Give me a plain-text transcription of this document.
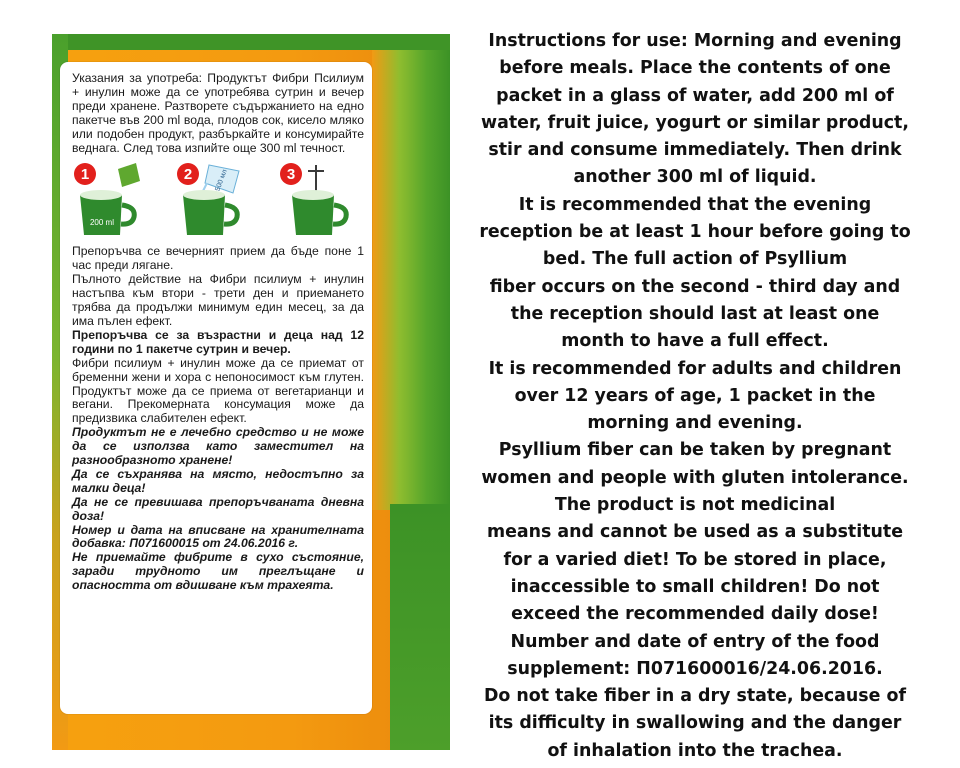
Указания за употреба: Продуктът Фибри Псилиум + инулин може да се употребява сутрин и вечер преди хранене. Разтворете съдържанието на едно пакетче във 200 ml вода, плодов сок, кисело мляко или подобен продукт, разбъркайте и консумирайте веднага. След това изпийте още 300 ml течност.

1
200 ml
2	500 мл	3

Препоръчва се вечерният прием да бъде поне 1 час преди лягане.

Пълното действие на Фибри псилиум + инулин настъпва към втори - трети ден и приемането трябва да продължи минимум един месец, за да има пълен ефект.

Препоръчва се за възрастни и деца над 12 години по 1 пакетче сутрин и вечер.

Фибри псилиум + инулин може да се приемат от бременни жени и хора с непоносимост към глутен. Продуктът може да се приема от вегетарианци и вегани. Прекомерната консумация може да предизвика слабителен ефект.

Продуктът не е лечебно средство и не може да се използва като заместител на разнообразното хранене!

Да се съхранява на място, недостъпно за малки деца!

Да не се превишава препоръчваната дневна доза!

Номер и дата на вписване на хранителната добавка: П071600015 от 24.06.2016 г.

Не приемайте фибрите в сухо състояние, заради трудното им преглъщане и опасността от вдишване към трахеята.

Instructions for use: Morning and evening
before meals. Place the contents of one
packet in a glass of water, add 200 ml of
water, fruit juice, yogurt or similar product,
stir and consume immediately. Then drink
another 300 ml of liquid.
It is recommended that the evening
reception be at least 1 hour before going to
bed. The full action of Psyllium
fiber occurs on the second - third day and
the reception should last at least one
month to have a full effect.
It is recommended for adults and children
over 12 years of age, 1 packet in the
morning and evening.
Psyllium fiber can be taken by pregnant
women and people with gluten intolerance.
The product is not medicinal
means and cannot be used as a substitute
for a varied diet! To be stored in place,
inaccessible to small children! Do not
exceed the recommended daily dose!
Number and date of entry of the food
supplement: П071600016/24.06.2016.
Do not take fiber in a dry state, because of
its difficulty in swallowing and the danger
of inhalation into the trachea.
